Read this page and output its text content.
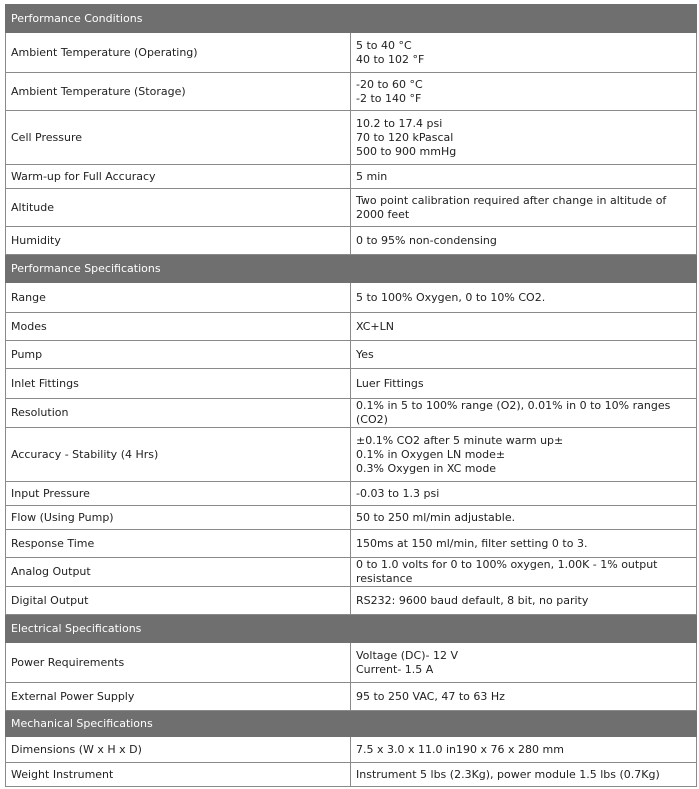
Performance Conditions	
Ambient Temperature (Operating)	5 to 40 °C
40 to 102 °F

Ambient Temperature (Storage)	-20 to 60 °C
-2 to 140 °F

Cell Pressure	10.2 to 17.4 psi
70 to 120 kPascal
500 to 900 mmHg

Warm-up for Full Accuracy	5 min

Altitude	Two point calibration required after change in altitude of 2000 feet

Humidity	0 to 95% non-condensing

Performance Specifications	
Range	5 to 100% Oxygen, 0 to 10% CO2.

Modes	XC+LN

Pump	Yes

Inlet Fittings	Luer Fittings

Resolution	0.1% in 5 to 100% range (O2), 0.01% in 0 to 10% ranges (CO2)

Accuracy - Stability (4 Hrs)	±0.1% CO2 after 5 minute warm up±
0.1% in Oxygen LN mode±
0.3% Oxygen in XC mode

Input Pressure	-0.03 to 1.3 psi

Flow (Using Pump)	50 to 250 ml/min adjustable.

Response Time	150ms at 150 ml/min, filter setting 0 to 3.

Analog Output	0 to 1.0 volts for 0 to 100% oxygen, 1.00K - 1% output resistance

Digital Output	RS232: 9600 baud default, 8 bit, no parity

Electrical Specifications	
Power Requirements	Voltage (DC)- 12 V
Current- 1.5 A

External Power Supply	95 to 250 VAC, 47 to 63 Hz

Mechanical Specifications	
Dimensions (W x H x D)	7.5 x 3.0 x 11.0 in190 x 76 x 280 mm

Weight Instrument	Instrument 5 lbs (2.3Kg), power module 1.5 lbs (0.7Kg)
